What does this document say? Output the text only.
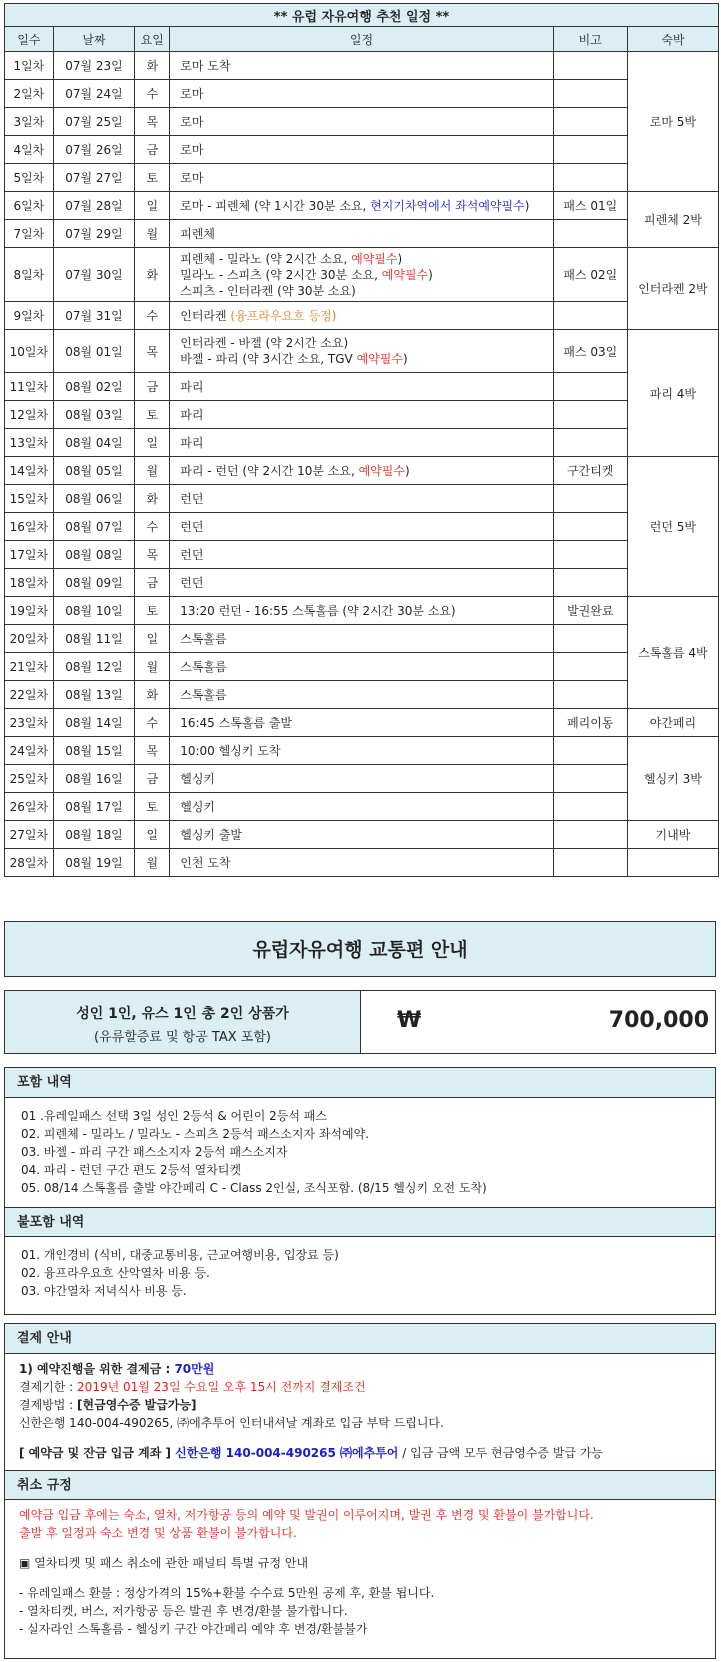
** 유럽 자유여행 추천 일정 **					
일수	날짜	요일	일정	비고	숙박
1일차	07월 23일	화	로마 도착		로마 5박
2일차	07월 24일	수	로마		
3일차	07월 25일	목	로마		
4일차	07월 26일	금	로마		
5일차	07월 27일	토	로마		
6일차	07월 28일	일	로마 - 피렌체 (약 1시간 30분 소요, 현지기차역에서 좌석예약필수)	패스 01일	피렌체 2박
7일차	07월 29일	월	피렌체		
8일차	07월 30일	화	피렌체 - 밀라노 (약 2시간 소요, 예약필수)
밀라노 - 스피츠 (약 2시간 30분 소요, 예약필수)
스피츠 - 인터라켄 (약 30분 소요)	패스 02일	인터라켄 2박
9일차	07월 31일	수	인터라켄 (융프라우요흐 등정)		
10일차	08월 01일	목	인터라켄 - 바젤 (약 2시간 소요)
바젤 - 파리 (약 3시간 소요, TGV 예약필수)	패스 03일	파리 4박
11일차	08월 02일	금	파리		
12일차	08월 03일	토	파리		
13일차	08월 04일	일	파리		
14일차	08월 05일	월	파리 - 런던 (약 2시간 10분 소요, 예약필수)	구간티켓	런던 5박
15일차	08월 06일	화	런던		
16일차	08월 07일	수	런던		
17일차	08월 08일	목	런던		
18일차	08월 09일	금	런던		
19일차	08월 10일	토	13:20 런던 - 16:55 스톡홀름 (약 2시간 30분 소요)	발권완료	스톡홀름 4박
20일차	08월 11일	일	스톡홀름		
21일차	08월 12일	월	스톡홀름		
22일차	08월 13일	화	스톡홀름		
23일차	08월 14일	수	16:45 스톡홀름 출발	페리이동	야간페리
24일차	08월 15일	목	10:00 헬싱키 도착		헬싱키 3박
25일차	08월 16일	금	헬싱키		
26일차	08월 17일	토	헬싱키		
27일차	08월 18일	일	헬싱키 출발		기내박
28일차	08월 19일	월	인천 도착		
유럽자유여행 교통편 안내
성인 1인, 유스 1인 총 2인 상품가
(유류할증료 및 항공 TAX 포함)
₩	700,000
포함 내역
01 .유레일패스 선택 3일 성인 2등석 & 어린이 2등석 패스
02. 피렌체 - 밀라노 / 밀라노 - 스피츠 2등석 패스소지자 좌석예약.
03. 바젤 - 파리 구간 패스소지자 2등석 패스소지자
04. 파리 - 런던 구간 편도 2등석 열차티켓
05. 08/14 스톡홀름 출발 야간페리 C - Class 2인실, 조식포함. (8/15 헬싱키 오전 도착)
불포함 내역
01. 개인경비 (식비, 대중교통비용, 근교여행비용, 입장료 등)
02. 융프라우요흐 산악열차 비용 등.
03. 야간열차 저녁식사 비용 등.
결제 안내
1) 예약진행을 위한 결제금 : 70만원
결제기한 : 2019년 01월 23일 수요일 오후 15시 전까지 결제조건
결제방법 : [현금영수증 발급가능]
신한은행 140-004-490265, ㈜에추투어 인터내셔날 계좌로 입금 부탁 드립니다.
[ 예약금 및 잔금 입금 계좌 ] 신한은행 140-004-490265 ㈜에추투어 / 입금 금액 모두 현금영수증 발급 가능
취소 규정
예약금 입금 후에는 숙소, 열차, 저가항공 등의 예약 및 발권이 이루어지며, 발권 후 변경 및 환불이 불가합니다.
출발 후 일정과 숙소 변경 및 상품 환불이 불가합니다.
▣ 열차티켓 및 패스 취소에 관한 패널티 특별 규정 안내
- 유레일패스 환불 : 정상가격의 15%+환불 수수료 5만원 공제 후, 환불 됩니다.
- 열차티켓, 버스, 저가항공 등은 발권 후 변경/환불 불가합니다.
- 실자라인 스톡홀름 - 헬싱키 구간 야간페리 예약 후 변경/환불불가
